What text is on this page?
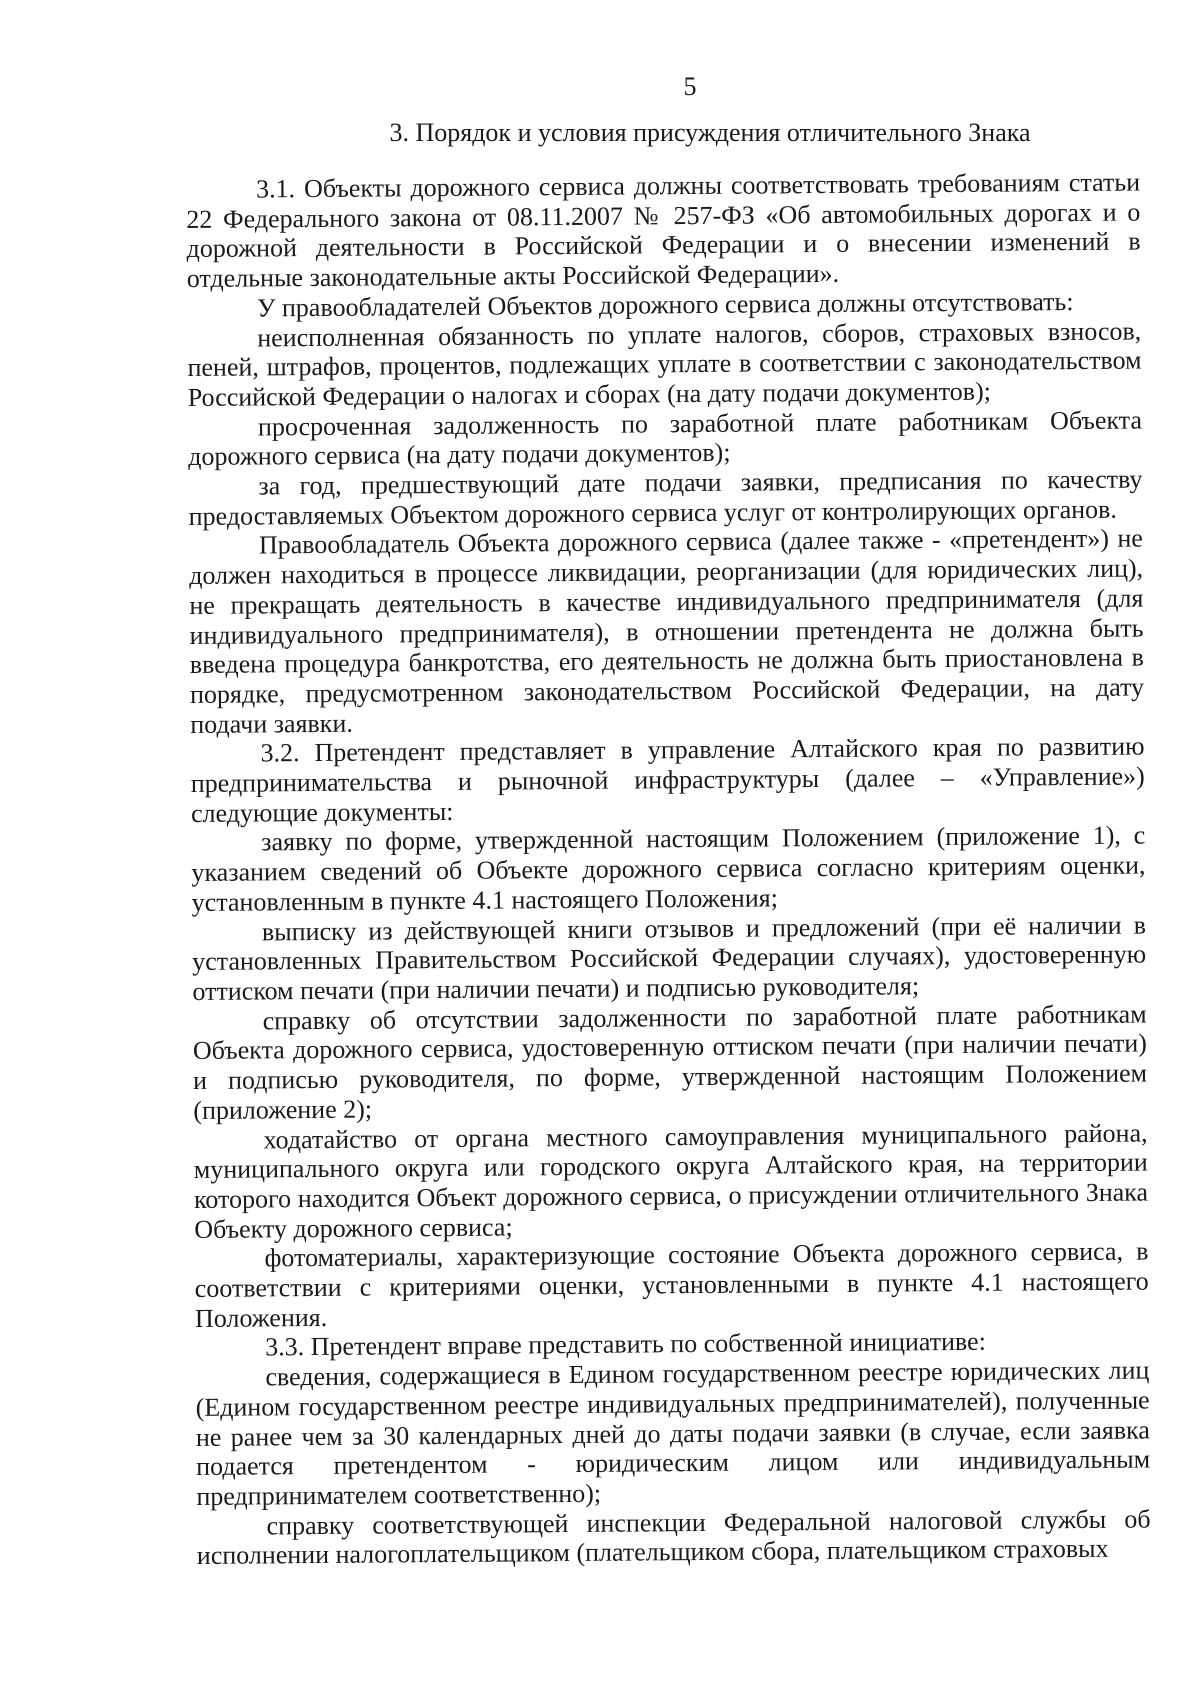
5
3. Порядок и условия присуждения отличительного Знака

3.1. Объекты дорожного сервиса должны соответствовать требованиям статьи 22 Федерального закона от 08.11.2007 № 257-ФЗ «Об автомобильных дорогах и о дорожной деятельности в Российской Федерации и о внесении изменений в отдельные законодательные акты Российской Федерации».

У правообладателей Объектов дорожного сервиса должны отсутствовать:

неисполненная обязанность по уплате налогов, сборов, страховых взносов, пеней, штрафов, процентов, подлежащих уплате в соответствии с законодательством Российской Федерации о налогах и сборах (на дату подачи документов);

просроченная задолженность по заработной плате работникам Объекта дорожного сервиса (на дату подачи документов);

за год, предшествующий дате подачи заявки, предписания по качеству предоставляемых Объектом дорожного сервиса услуг от контролирующих органов.

Правообладатель Объекта дорожного сервиса (далее также - «претендент») не должен находиться в процессе ликвидации, реорганизации (для юридических лиц), не прекращать деятельность в качестве индивидуального предпринимателя (для индивидуального предпринимателя), в отношении претендента не должна быть введена процедура банкротства, его деятельность не должна быть приостановлена в порядке, предусмотренном законодательством Российской Федерации, на дату подачи заявки.

3.2. Претендент представляет в управление Алтайского края по развитию предпринимательства и рыночной инфраструктуры (далее – «Управление») следующие документы:

заявку по форме, утвержденной настоящим Положением (приложение 1), с указанием сведений об Объекте дорожного сервиса согласно критериям оценки, установленным в пункте 4.1 настоящего Положения;

выписку из действующей книги отзывов и предложений (при её наличии в установленных Правительством Российской Федерации случаях), удостоверенную оттиском печати (при наличии печати) и подписью руководителя;

справку об отсутствии задолженности по заработной плате работникам Объекта дорожного сервиса, удостоверенную оттиском печати (при наличии печати) и подписью руководителя, по форме, утвержденной настоящим Положением (приложение 2);

ходатайство от органа местного самоуправления муниципального района, муниципального округа или городского округа Алтайского края, на территории которого находится Объект дорожного сервиса, о присуждении отличительного Знака Объекту дорожного сервиса;

фотоматериалы, характеризующие состояние Объекта дорожного сервиса, в соответствии с критериями оценки, установленными в пункте 4.1 настоящего Положения.

3.3. Претендент вправе представить по собственной инициативе:

сведения, содержащиеся в Едином государственном реестре юридических лиц (Едином государственном реестре индивидуальных предпринимателей), полученные не ранее чем за 30 календарных дней до даты подачи заявки (в случае, если заявка подается претендентом - юридическим лицом или индивидуальным предпринимателем соответственно);

справку соответствующей инспекции Федеральной налоговой службы об исполнении налогоплательщиком (плательщиком сбора, плательщиком страховых
